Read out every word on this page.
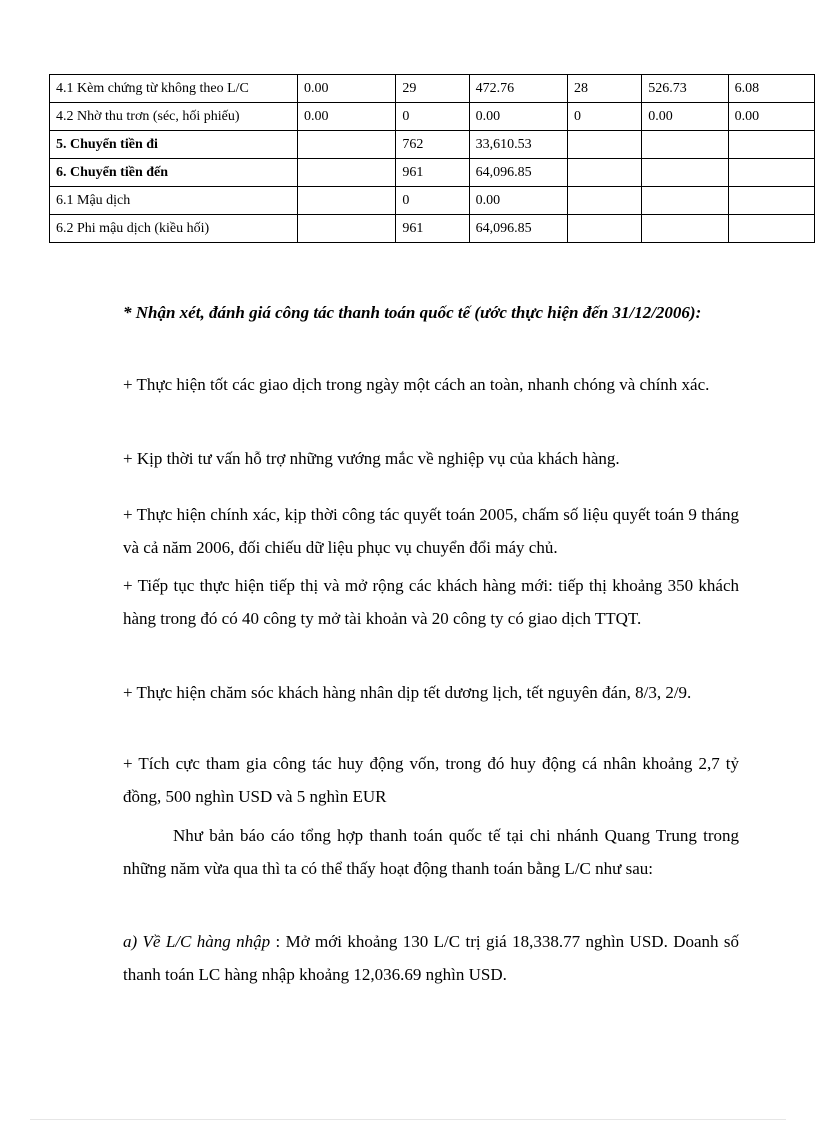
4.1 Kèm chứng từ không theo L/C	0.00	29	472.76	28	526.73	6.08
4.2 Nhờ thu trơn (séc, hối phiếu)	0.00	0	0.00	0	0.00	0.00
5. Chuyển tiền đi		762	33,610.53			
6. Chuyển tiền đến		961	64,096.85			
6.1 Mậu dịch		0	0.00			
6.2 Phi mậu dịch (kiều hối)		961	64,096.85			
* Nhận xét, đánh giá công tác thanh toán quốc tế (ước thực hiện đến 31/12/2006):
+ Thực hiện tốt các giao dịch trong ngày một cách an toàn, nhanh chóng và chính xác.
+ Kịp thời tư vấn hỗ trợ những vướng mắc về nghiệp vụ của khách hàng.
+ Thực hiện chính xác, kịp thời công tác quyết toán 2005, chấm số liệu quyết toán 9 tháng và cả năm 2006, đối chiếu dữ liệu phục vụ chuyển đổi máy chủ.
+ Tiếp tục thực hiện tiếp thị và mở rộng các khách hàng mới: tiếp thị khoảng 350 khách hàng trong đó có 40 công ty mở tài khoản và 20 công ty có giao dịch TTQT.
+ Thực hiện chăm sóc khách hàng nhân dịp tết dương lịch, tết nguyên đán, 8/3, 2/9.
+ Tích cực tham gia công tác huy động vốn, trong đó huy động cá nhân khoảng 2,7 tỷ đồng, 500 nghìn USD và 5 nghìn EUR
Như bản báo cáo tổng hợp thanh toán quốc tế tại chi nhánh Quang Trung trong những năm vừa qua thì ta có thể thấy hoạt động thanh toán bằng L/C như sau:
a) Về L/C hàng nhập : Mở mới khoảng 130 L/C trị giá 18,338.77 nghìn USD. Doanh số thanh toán LC hàng nhập khoảng 12,036.69 nghìn USD.
